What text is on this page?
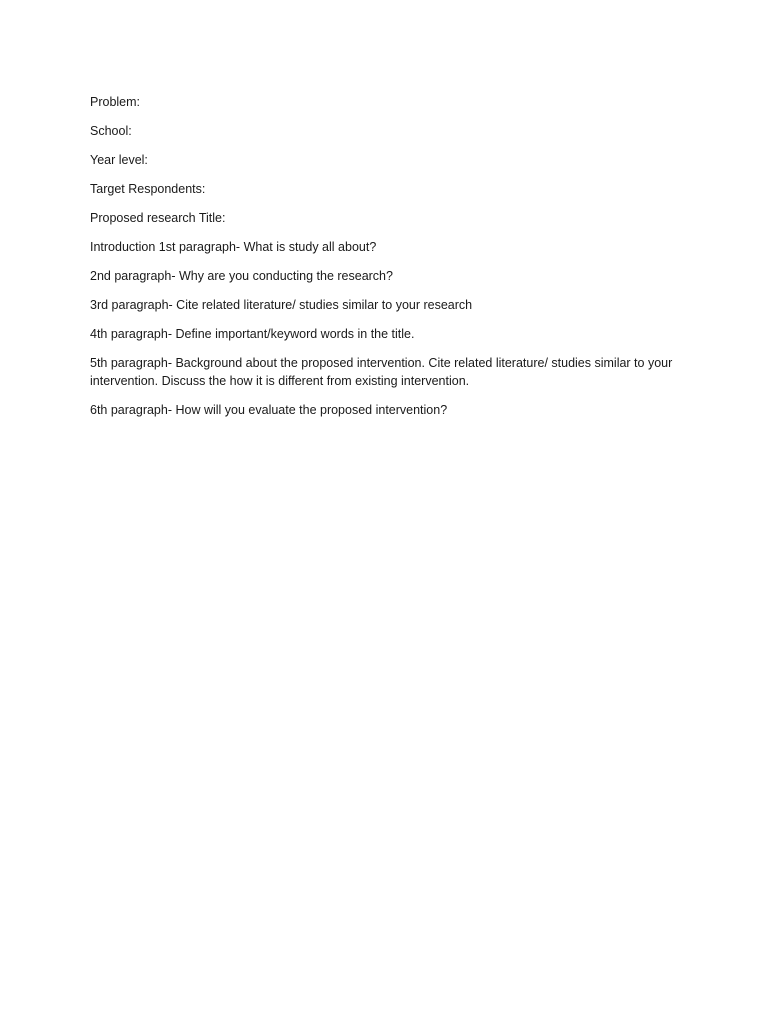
Problem:

School:

Year level:

Target Respondents:

Proposed research Title:

Introduction 1st paragraph- What is study all about?

2nd paragraph- Why are you conducting the research?

3rd paragraph- Cite related literature/ studies similar to your research

4th paragraph- Define important/keyword words in the title.

5th paragraph- Background about the proposed intervention. Cite related literature/ studies similar to your intervention. Discuss the how it is different from existing intervention.

6th paragraph- How will you evaluate the proposed intervention?
